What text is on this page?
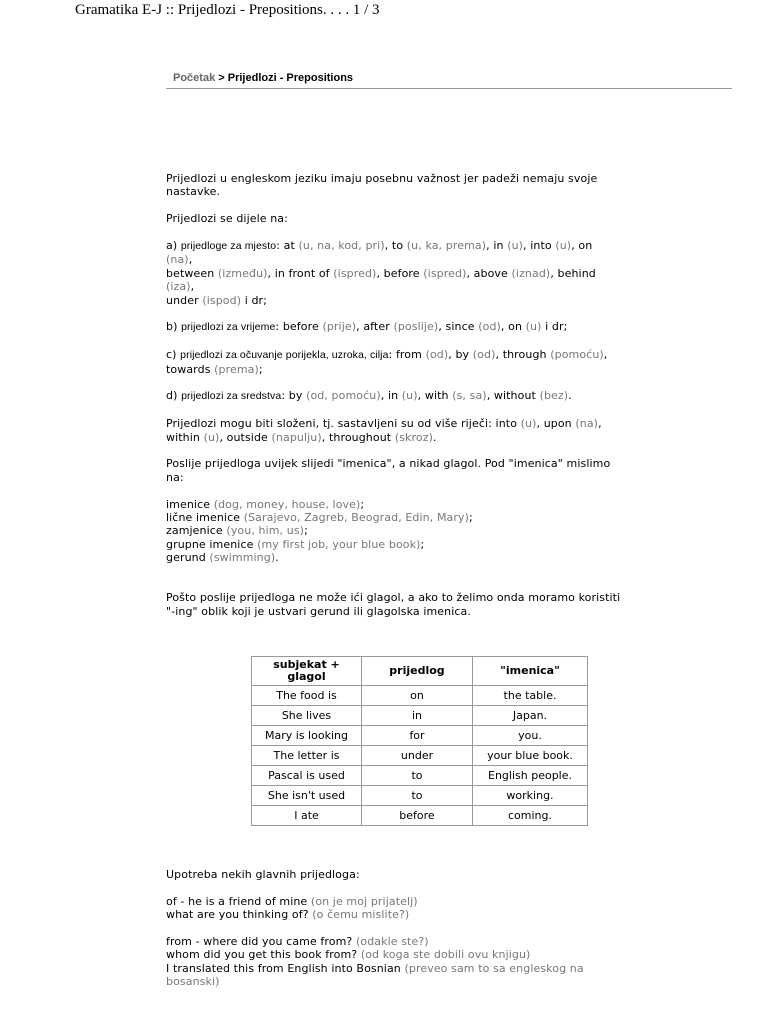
Gramatika E-J :: Prijedlozi - Prepositions. . . . 1 / 3
Početak > Prijedlozi - Prepositions

Prijedlozi u engleskom jeziku imaju posebnu važnost jer padeži nemaju svoje
nastavke.

Prijedlozi se dijele na:

a) prijedloge za mjesto: at (u, na, kod, pri), to (u, ka, prema), in (u), into (u), on
(na),
between (između), in front of (ispred), before (ispred), above (iznad), behind
(iza),
under (ispod) i dr;

b) prijedlozi za vrijeme: before (prije), after (poslije), since (od), on (u) i dr;

c) prijedlozi za očuvanje porijekla, uzroka, cilja: from (od), by (od), through (pomoću),
towards (prema);

d) prijedlozi za sredstva: by (od, pomoću), in (u), with (s, sa), without (bez).

Prijedlozi mogu biti složeni, tj. sastavljeni su od više riječi: into (u), upon (na),
within (u), outside (napulju), throughout (skroz).

Poslije prijedloga uvijek slijedi "imenica", a nikad glagol. Pod "imenica" mislimo
na:

imenice (dog, money, house, love);
lične imenice (Sarajevo, Zagreb, Beograd, Edin, Mary);
zamjenice (you, him, us);
grupne imenice (my first job, your blue book);
gerund (swimming).

Pošto poslije prijedloga ne može ići glagol, a ako to želimo onda moramo koristiti
"-ing" oblik koji je ustvari gerund ili glagolska imenica.

subjekat +
glagol	prijedlog	"imenica"
The food is	on	the table.
She lives	in	Japan.
Mary is looking	for	you.
The letter is	under	your blue book.
Pascal is used	to	English people.
She isn't used	to	working.
I ate	before	coming.

Upotreba nekih glavnih prijedloga:

of - he is a friend of mine (on je moj prijatelj)
what are you thinking of? (o čemu mislite?)

from - where did you came from? (odakle ste?)
whom did you get this book from? (od koga ste dobili ovu knjigu)
I translated this from English into Bosnian (preveo sam to sa engleskog na
bosanski)
